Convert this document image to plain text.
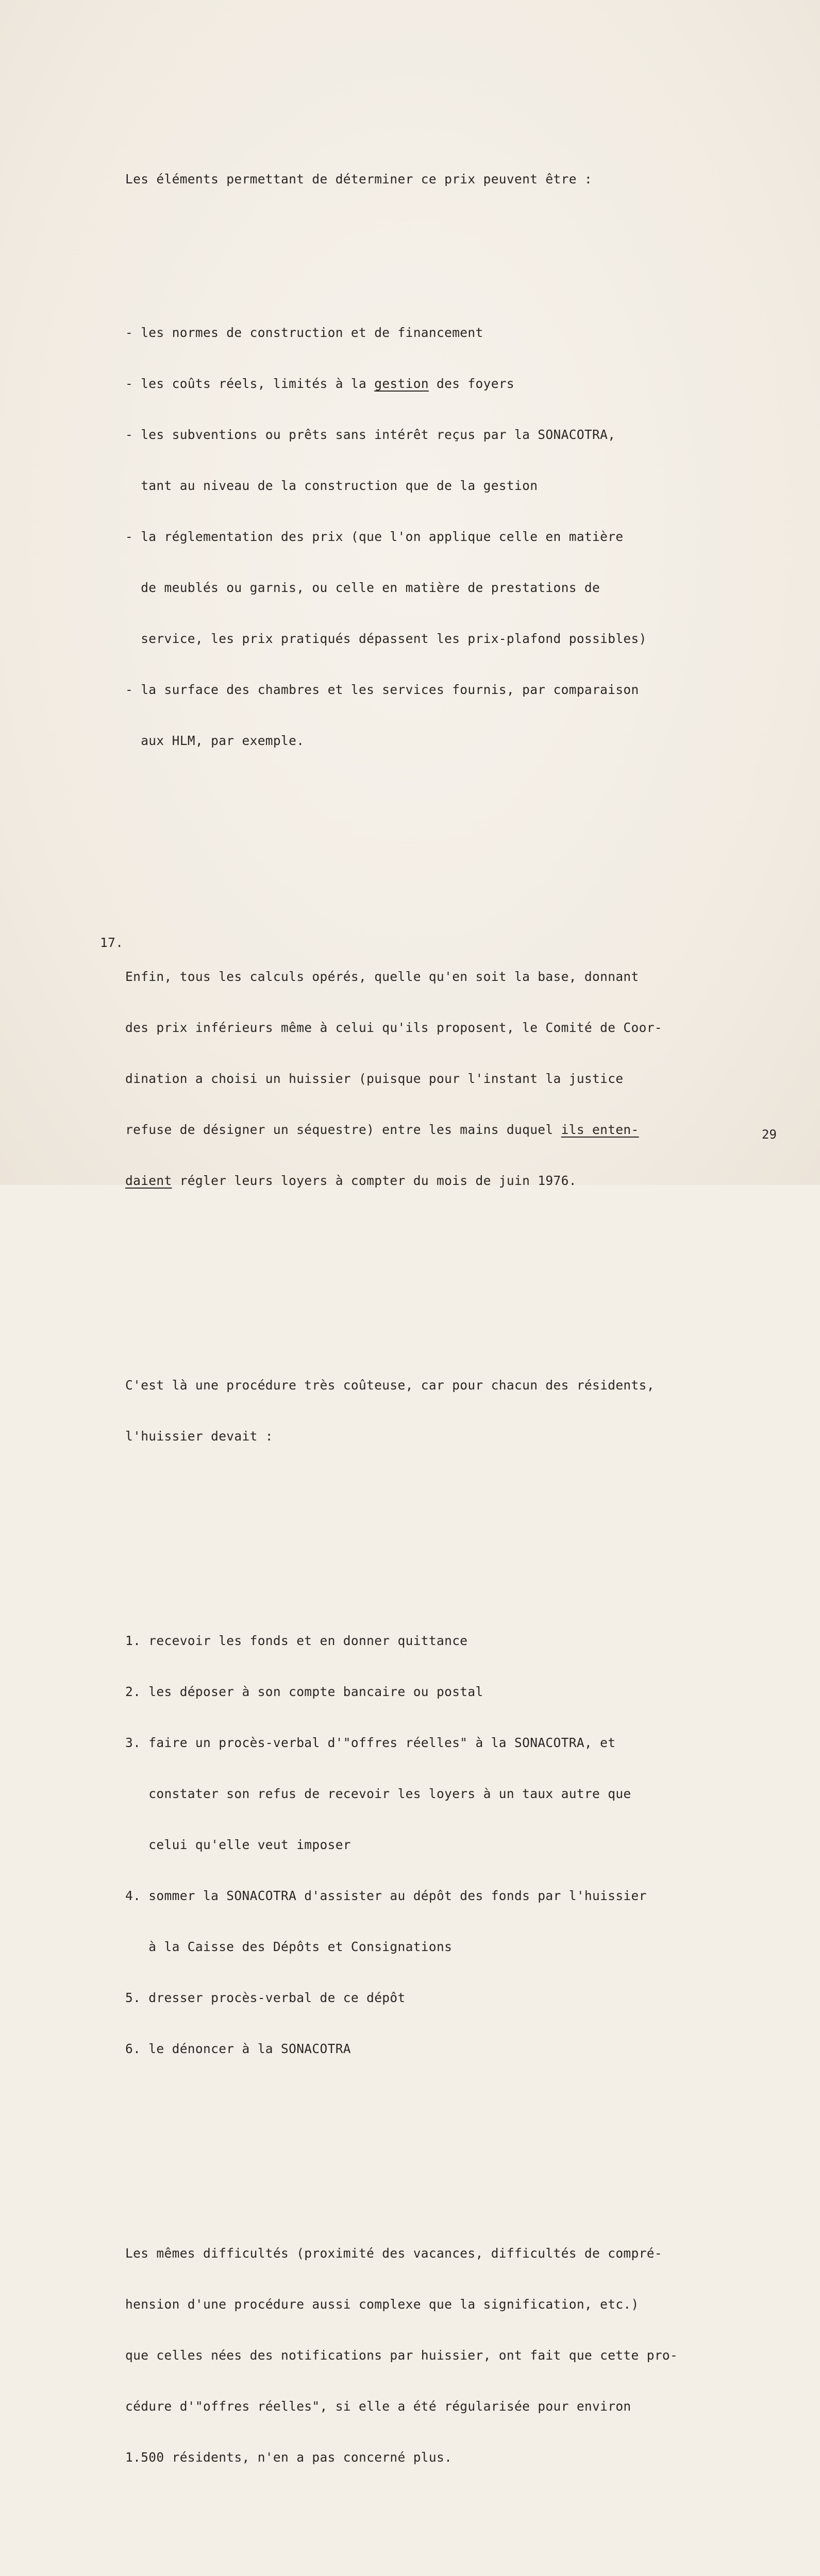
Les éléments permettant de déterminer ce prix peuvent être :

- les normes de construction et de financement

- les coûts réels, limités à la gestion des foyers

- les subventions ou prêts sans intérêt reçus par la SONACOTRA,

tant au niveau de la construction que de la gestion

- la réglementation des prix (que l'on applique celle en matière

de meublés ou garnis, ou celle en matière de prestations de

service, les prix pratiqués dépassent les prix-plafond possibles)

- la surface des chambres et les services fournis, par comparaison

aux HLM, par exemple.

17.

Enfin, tous les calculs opérés, quelle qu'en soit la base, donnant

des prix inférieurs même à celui qu'ils proposent, le Comité de Coor-

dination a choisi un huissier (puisque pour l'instant la justice

refuse de désigner un séquestre) entre les mains duquel ils enten-

daient régler leurs loyers à compter du mois de juin 1976.

C'est là une procédure très coûteuse, car pour chacun des résidents,

l'huissier devait :

1. recevoir les fonds et en donner quittance

2. les déposer à son compte bancaire ou postal

3. faire un procès-verbal d'"offres réelles" à la SONACOTRA, et

constater son refus de recevoir les loyers à un taux autre que

celui qu'elle veut imposer

4. sommer la SONACOTRA d'assister au dépôt des fonds par l'huissier

à la Caisse des Dépôts et Consignations

5. dresser procès-verbal de ce dépôt

6. le dénoncer à la SONACOTRA

Les mêmes difficultés (proximité des vacances, difficultés de compré-

hension d'une procédure aussi complexe que la signification, etc.)

que celles nées des notifications par huissier, ont fait que cette pro-

cédure d'"offres réelles", si elle a été régularisée pour environ

1.500 résidents, n'en a pas concerné plus.

29
